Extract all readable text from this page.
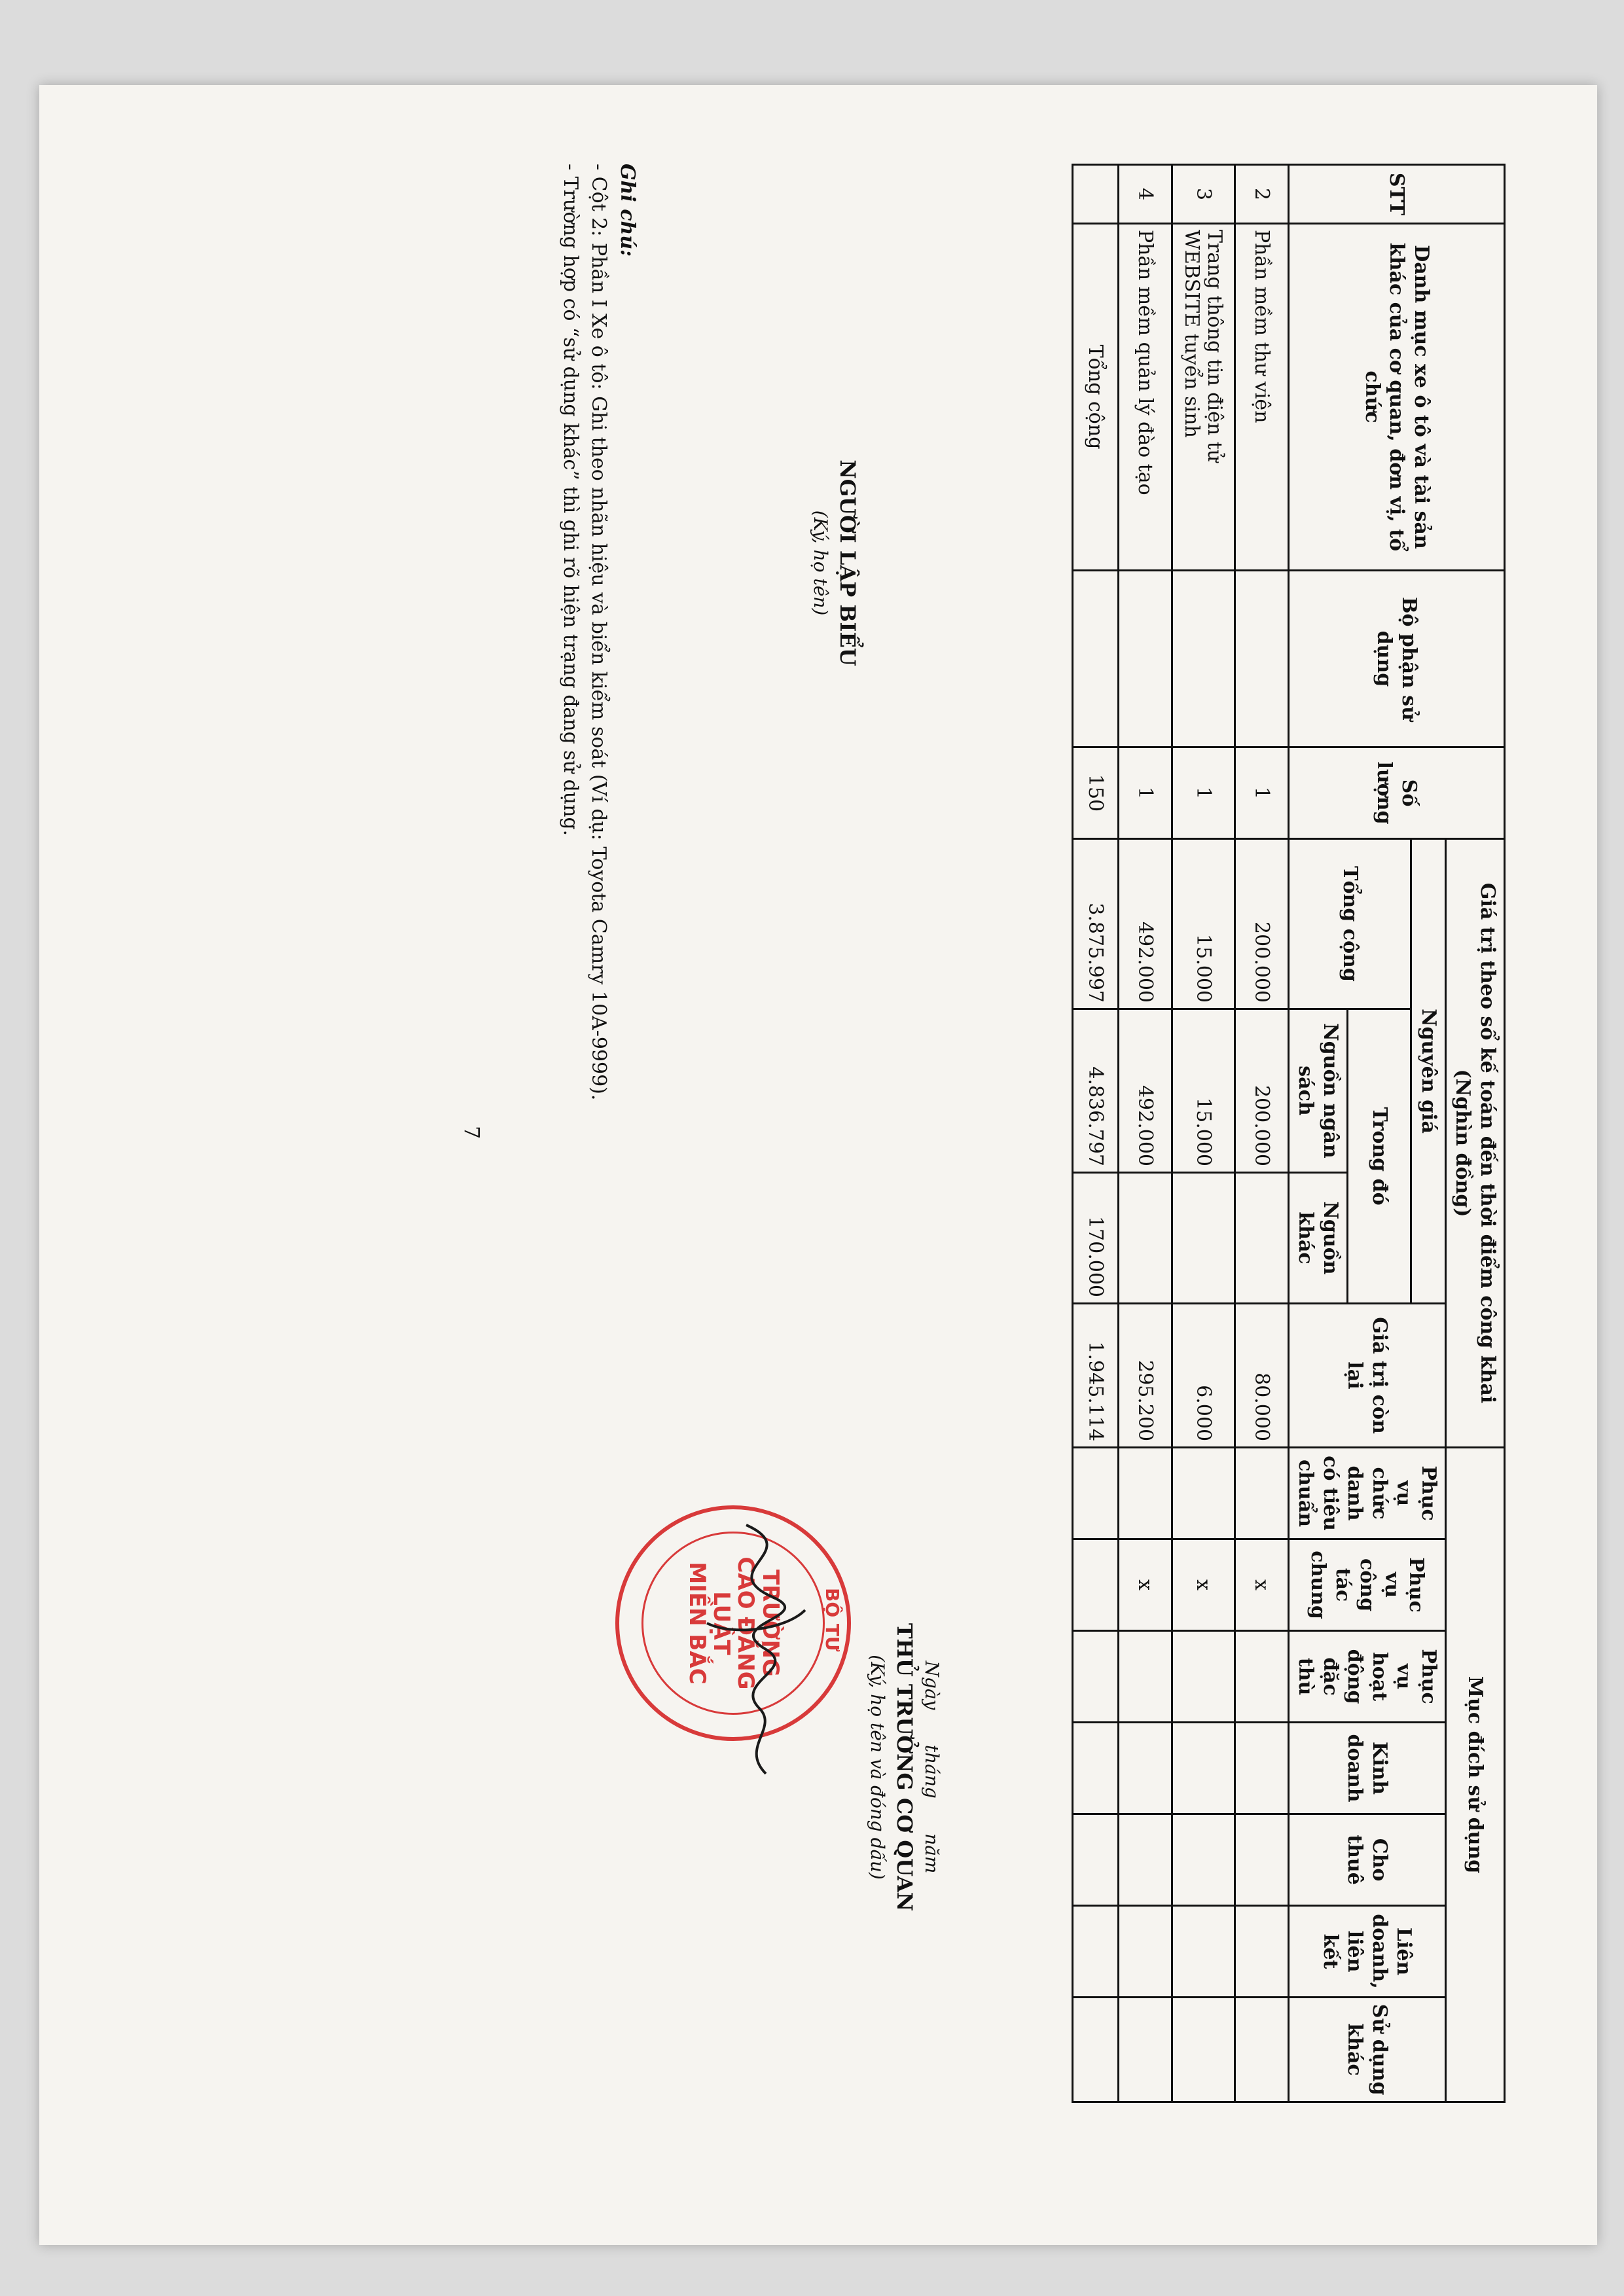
STT	Danh mục xe ô tô và tài sản khác của cơ quan, đơn vị, tổ chức	Bộ phận sử dụng	Số lượng	Giá trị theo sổ kế toán đến thời điểm công khai (Nghìn đồng)				Mục đích sử dụng						
				Nguyên giá			Giá trị còn lại	Phục vụ chức danh có tiêu chuẩn	Phục vụ công tác chung	Phục vụ hoạt động đặc thù	Kinh doanh	Cho thuê	Liên doanh, liên kết	Sử dụng khác
				Tổng cộng	Trong đó									
					Nguồn ngân sách	Nguồn khác								
2	Phần mềm thư viện		1	200.000	200.000		80.000		x					
3	Trang thông tin điện tử WEBSITE tuyển sinh		1	15.000	15.000		6.000		x					
4	Phần mềm quản lý đào tạo		1	492.000	492.000		295.200		x					
	Tổng cộng		150	3.875.997	4.836.797	170.000	1.945.114							
NGƯỜI LẬP BIỂU
(Ký, họ tên)
Ngày      tháng      năm
THỦ TRƯỞNG CƠ QUAN
(Ký, họ tên và đóng dấu)
BỘ TƯ
TRƯỜNG
CAO ĐẲNG
LUẬT
MIỀN BẮC
Ghi chú:
- Cột 2: Phần I Xe ô tô: Ghi theo nhãn hiệu và biển kiểm soát (Ví dụ: Toyota Camry 10A-9999).
- Trường hợp có “sử dụng khác” thì ghi rõ hiện trạng đang sử dụng.
7
